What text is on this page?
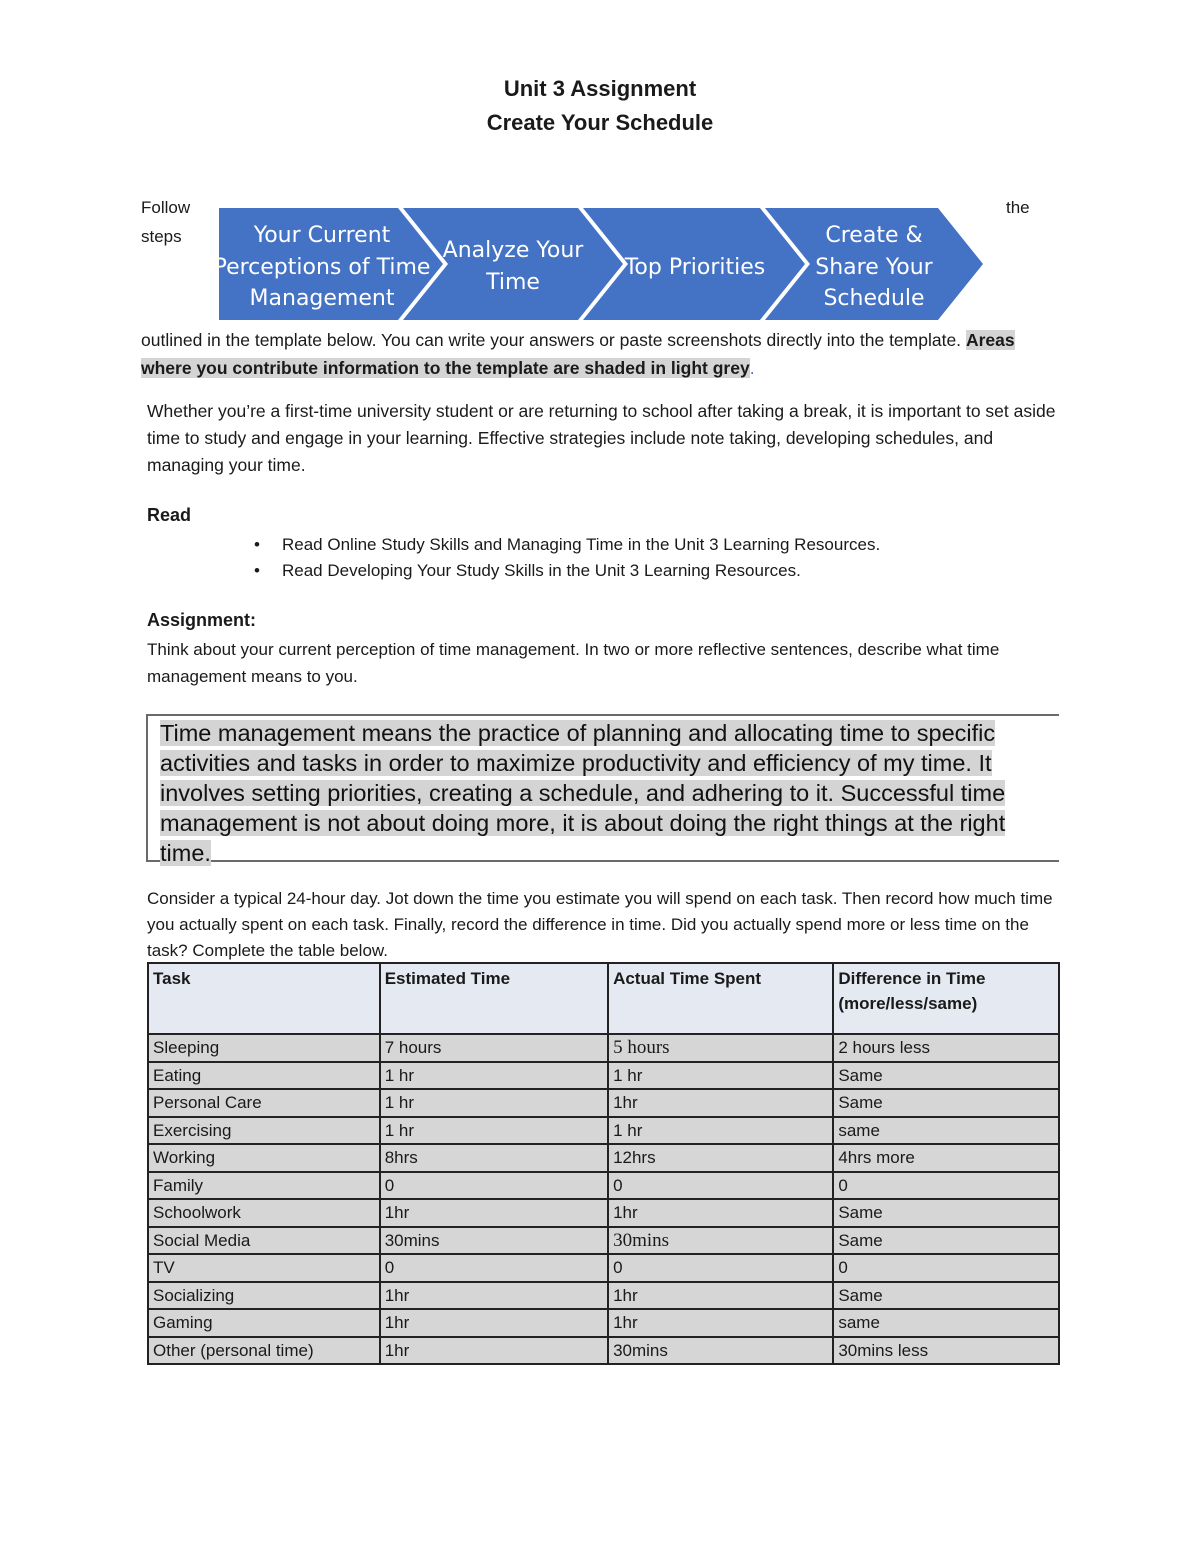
Unit 3 Assignment
Create Your Schedule
Follow
steps
the
Your Current
Perceptions of Time
Management
Analyze Your
Time
Top Priorities
Create &
Share Your
Schedule
outlined in the template below. You can write your answers or paste screenshots directly into the template. Areas where you contribute information to the template are shaded in light grey.
Whether you’re a first-time university student or are returning to school after taking a break, it is important to set aside time to study and engage in your learning. Effective strategies include note taking, developing schedules, and managing your time.
Read
• Read Online Study Skills and Managing Time in the Unit 3 Learning Resources.
• Read Developing Your Study Skills in the Unit 3 Learning Resources.
Assignment:
Think about your current perception of time management. In two or more reflective sentences, describe what time management means to you.
Time management means the practice of planning and allocating time to specific activities and tasks in order to maximize productivity and efficiency of my time. It involves setting priorities, creating a schedule, and adhering to it. Successful time management is not about doing more, it is about doing the right things at the right time.
Consider a typical 24-hour day. Jot down the time you estimate you will spend on each task. Then record how much time you actually spent on each task. Finally, record the difference in time. Did you actually spend more or less time on the task? Complete the table below.
Task	Estimated Time	Actual Time Spent	Difference in Time (more/less/same)
Sleeping	7 hours	5 hours	2 hours less
Eating	1 hr	1 hr	Same
Personal Care	1 hr	1hr	Same
Exercising	1 hr	1 hr	same
Working	8hrs	12hrs	4hrs more
Family	0	0	0
Schoolwork	1hr	1hr	Same
Social Media	30mins	30mins	Same
TV	0	0	0
Socializing	1hr	1hr	Same
Gaming	1hr	1hr	same
Other (personal time)	1hr	30mins	30mins less
